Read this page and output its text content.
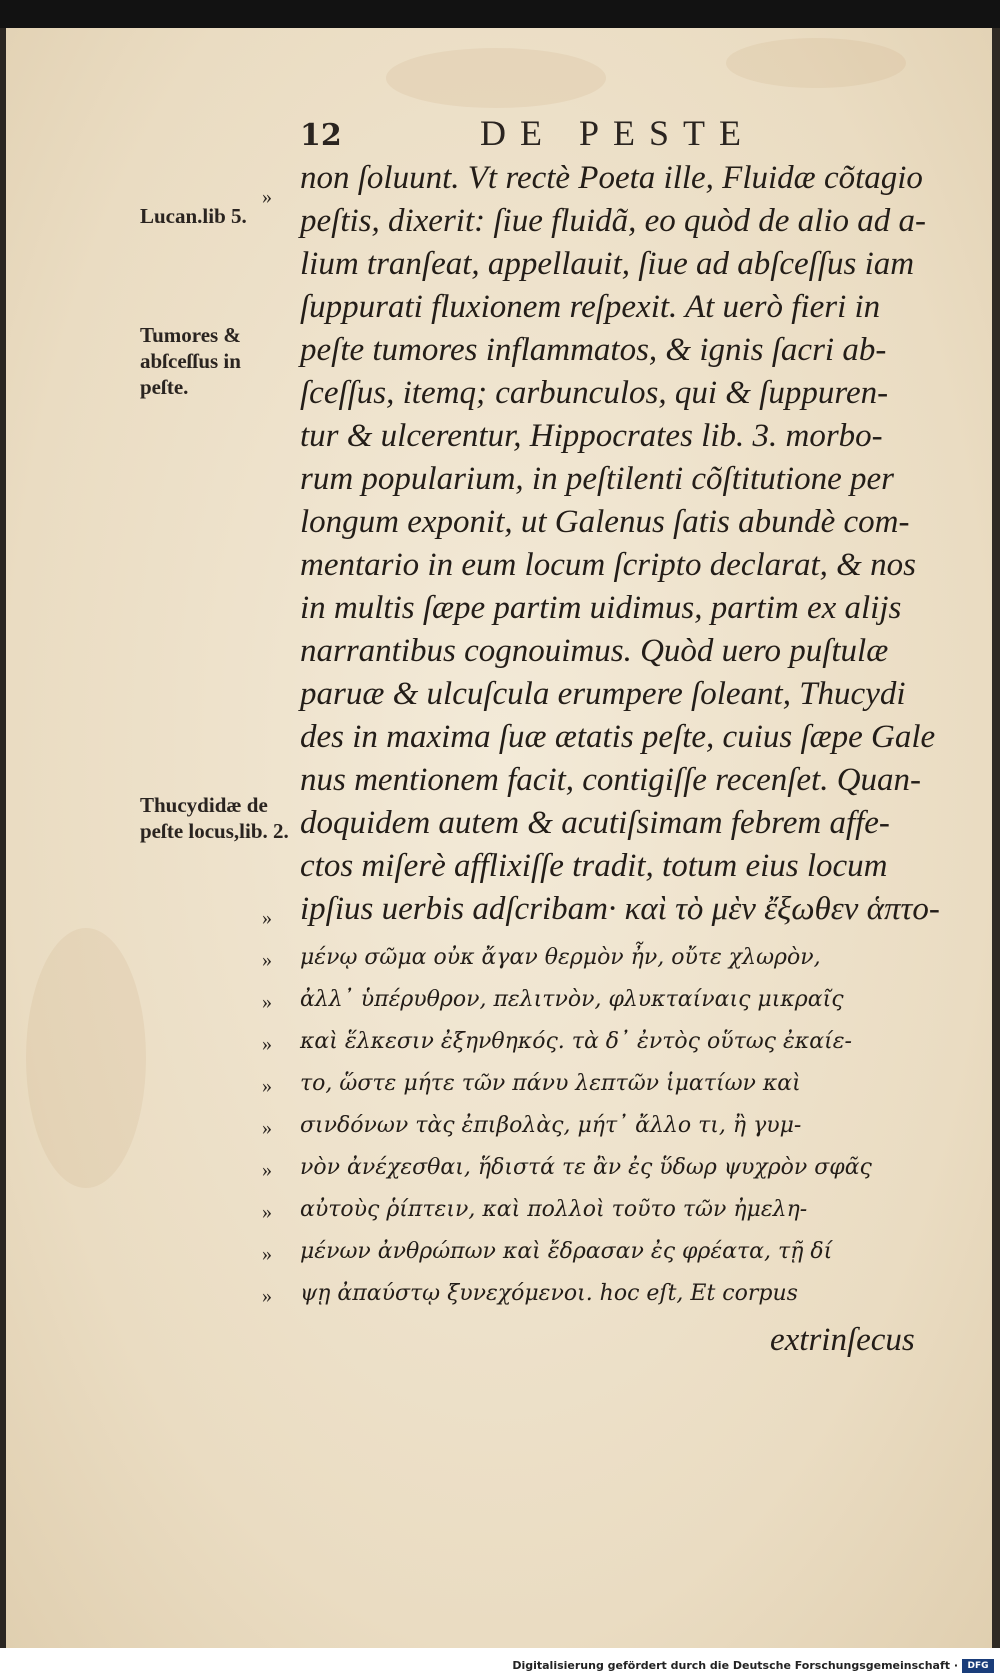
12	DE PESTE
Lucan.lib 5.
Tumores & abſceſſus in peſte.
Thucydidæ de peſte locus,lib. 2.
»
»
»
»
»
»
»
»
»
»
»
non ſoluunt. Vt rectè Poeta ille, Fluidæ cõtagio
peſtis, dixerit: ſiue fluidã, eo quòd de alio ad a-
lium tranſeat, appellauit, ſiue ad abſceſſus iam
ſuppurati fluxionem reſpexit. At uerò fieri in
peſte tumores inflammatos, & ignis ſacri ab-
ſceſſus, itemq; carbunculos, qui & ſuppuren-
tur & ulcerentur, Hippocrates lib. 3. morbo-
rum popularium, in peſtilenti cõſtitutione per
longum exponit, ut Galenus ſatis abundè com-
mentario in eum locum ſcripto declarat, & nos
in multis ſæpe partim uidimus, partim ex alijs
narrantibus cognouimus. Quòd uero puſtulæ
paruæ & ulcuſcula erumpere ſoleant, Thucydi
des in maxima ſuæ ætatis peſte, cuius ſæpe Gale
nus mentionem facit, contigiſſe recenſet. Quan-
doquidem autem & acutiſsimam febrem affe-
ctos miſerè afflixiſſe tradit, totum eius locum
ipſius uerbis adſcribam· καὶ τὸ μὲν ἔξωθεν ἁπτο-
μένῳ σῶμα οὐκ ἄγαν θερμὸν ἦν, οὔτε χλωρὸν,
ἀλλ᾽ ὑπέρυθρον, πελιτνὸν, φλυκταίναις μικραῖς
καὶ ἕλκεσιν ἐξηνθηκός. τὰ δ᾽ ἐντὸς οὕτως ἐκαίε-
το, ὥστε μήτε τῶν πάνυ λεπτῶν ἱματίων καὶ
σινδόνων τὰς ἐπιβολὰς, μήτ᾽ ἄλλο τι, ἢ γυμ-
νὸν ἀνέχεσθαι, ἥδιστά τε ἂν ἐς ὕδωρ ψυχρὸν σφᾶς
αὐτοὺς ῥίπτειν, καὶ πολλοὶ τοῦτο τῶν ἠμελη-
μένων ἀνθρώπων καὶ ἔδρασαν ἐς φρέατα, τῇ δί
ψῃ ἀπαύστῳ ξυνεχόμενοι. hoc eſt, Et corpus
extrinſecus
Digitalisierung gefördert durch die Deutsche Forschungsgemeinschaft ·	DFG
